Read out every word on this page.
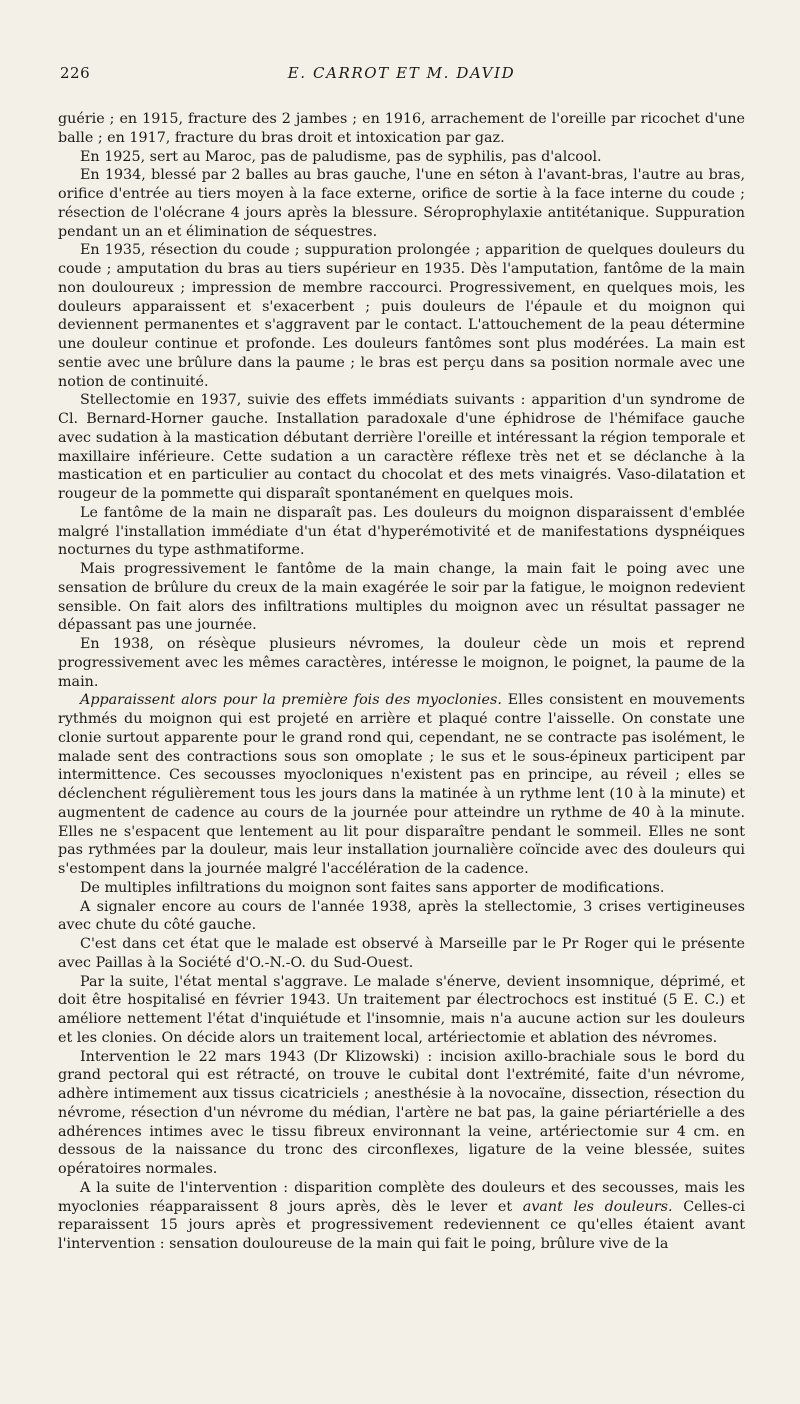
226	E. CARROT ET M. DAVID

guérie ; en 1915, fracture des 2 jambes ; en 1916, arrachement de l'oreille par ricochet d'une balle ; en 1917, fracture du bras droit et intoxication par gaz.

En 1925, sert au Maroc, pas de paludisme, pas de syphilis, pas d'alcool.

En 1934, blessé par 2 balles au bras gauche, l'une en séton à l'avant-bras, l'autre au bras, orifice d'entrée au tiers moyen à la face externe, orifice de sortie à la face interne du coude ; résection de l'olécrane 4 jours après la blessure. Séroprophylaxie antitétanique. Suppuration pendant un an et élimination de séquestres.

En 1935, résection du coude ; suppuration prolongée ; apparition de quelques douleurs du coude ; amputation du bras au tiers supérieur en 1935. Dès l'amputation, fantôme de la main non douloureux ; impression de membre raccourci. Progressivement, en quelques mois, les douleurs apparaissent et s'exacerbent ; puis douleurs de l'épaule et du moignon qui deviennent permanentes et s'aggravent par le contact. L'attouchement de la peau détermine une douleur continue et profonde. Les douleurs fantômes sont plus modérées. La main est sentie avec une brûlure dans la paume ; le bras est perçu dans sa position normale avec une notion de continuité.

Stellectomie en 1937, suivie des effets immédiats suivants : apparition d'un syndrome de Cl. Bernard-Horner gauche. Installation paradoxale d'une éphidrose de l'hémiface gauche avec sudation à la mastication débutant derrière l'oreille et intéressant la région temporale et maxillaire inférieure. Cette sudation a un caractère réflexe très net et se déclanche à la mastication et en particulier au contact du chocolat et des mets vinaigrés. Vaso-dilatation et rougeur de la pommette qui disparaît spontanément en quelques mois.

Le fantôme de la main ne disparaît pas. Les douleurs du moignon disparaissent d'emblée malgré l'installation immédiate d'un état d'hyperémotivité et de manifestations dyspnéiques nocturnes du type asthmatiforme.

Mais progressivement le fantôme de la main change, la main fait le poing avec une sensation de brûlure du creux de la main exagérée le soir par la fatigue, le moignon redevient sensible. On fait alors des infiltrations multiples du moignon avec un résultat passager ne dépassant pas une journée.

En 1938, on résèque plusieurs névromes, la douleur cède un mois et reprend progressivement avec les mêmes caractères, intéresse le moignon, le poignet, la paume de la main.

Apparaissent alors pour la première fois des myoclonies. Elles consistent en mouvements rythmés du moignon qui est projeté en arrière et plaqué contre l'aisselle. On constate une clonie surtout apparente pour le grand rond qui, cependant, ne se contracte pas isolément, le malade sent des contractions sous son omoplate ; le sus et le sous-épineux participent par intermittence. Ces secousses myocloniques n'existent pas en principe, au réveil ; elles se déclenchent régulièrement tous les jours dans la matinée à un rythme lent (10 à la minute) et augmentent de cadence au cours de la journée pour atteindre un rythme de 40 à la minute. Elles ne s'espacent que lentement au lit pour disparaître pendant le sommeil. Elles ne sont pas rythmées par la douleur, mais leur installation journalière coïncide avec des douleurs qui s'estompent dans la journée malgré l'accélération de la cadence.

De multiples infiltrations du moignon sont faites sans apporter de modifications.

A signaler encore au cours de l'année 1938, après la stellectomie, 3 crises vertigineuses avec chute du côté gauche.

C'est dans cet état que le malade est observé à Marseille par le Pr Roger qui le présente avec Paillas à la Société d'O.-N.-O. du Sud-Ouest.

Par la suite, l'état mental s'aggrave. Le malade s'énerve, devient insomnique, déprimé, et doit être hospitalisé en février 1943. Un traitement par électrochocs est institué (5 E. C.) et améliore nettement l'état d'inquiétude et l'insomnie, mais n'a aucune action sur les douleurs et les clonies. On décide alors un traitement local, artériectomie et ablation des névromes.

Intervention le 22 mars 1943 (Dr Klizowski) : incision axillo-brachiale sous le bord du grand pectoral qui est rétracté, on trouve le cubital dont l'extrémité, faite d'un névrome, adhère intimement aux tissus cicatriciels ; anesthésie à la novocaïne, dissection, résection du névrome, résection d'un névrome du médian, l'artère ne bat pas, la gaine périartérielle a des adhérences intimes avec le tissu fibreux environnant la veine, artériectomie sur 4 cm. en dessous de la naissance du tronc des circonflexes, ligature de la veine blessée, suites opératoires normales.

A la suite de l'intervention : disparition complète des douleurs et des secousses, mais les myoclonies réapparaissent 8 jours après, dès le lever et avant les douleurs. Celles-ci reparaissent 15 jours après et progressivement redeviennent ce qu'elles étaient avant l'intervention : sensation douloureuse de la main qui fait le poing, brûlure vive de la
